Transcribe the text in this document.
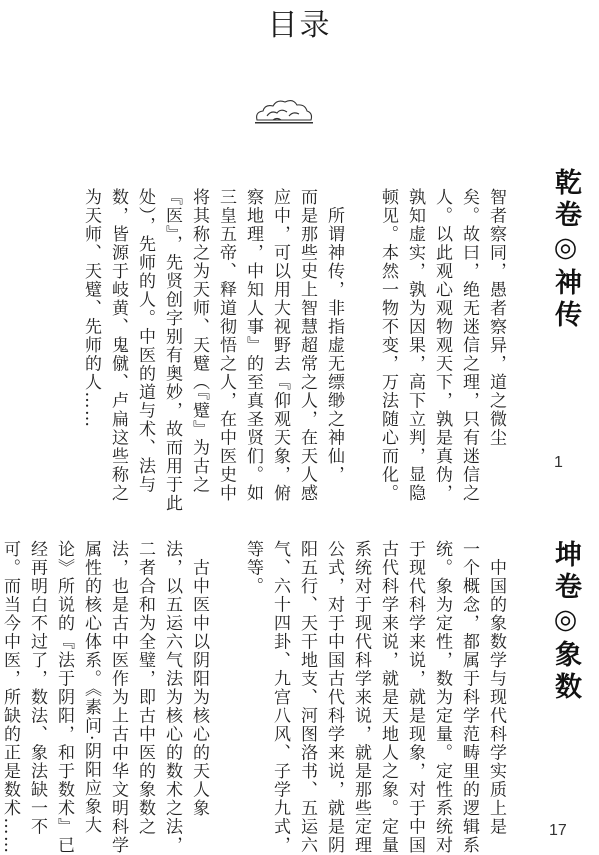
目录
乾卷◎神传
1
智者察同，愚者察异，道之微尘
矣。故曰，绝无迷信之理，只有迷信之
人。以此观心观物观天下，孰是真伪，
孰知虚实，孰为因果，高下立判，显隐
顿见。本然一物不变，万法随心而化。

　所谓神传，非指虚无缥缈之神仙，
而是那些史上智慧超常之人，在天人感
应中，可以用大视野去『仰观天象，俯
察地理，中知人事』的至真圣贤们。如
三皇五帝、释道彻悟之人，在中医史中
将其称之为天师、天躄（『躄』为古之
『医』，先贤创字别有奥妙，故而用于此
处），先师的人。中医的道与术、法与
数，皆源于岐黄、鬼僦、卢扁这些称之
为天师、天躄、先师的人……
坤卷◎象数
17
　中国的象数学与现代科学实质上是
一个概念，都属于科学范畴里的逻辑系
统。象为定性，数为定量。定性系统对
于现代科学来说，就是现象，对于中国
古代科学来说，就是天地人之象。定量
系统对于现代科学来说，就是那些定理
公式，对于中国古代科学来说，就是阴
阳五行、天干地支、河图洛书、五运六
气、六十四卦、九宫八风、子学九式，
等等。

　古中医中以阴阳为核心的天人象
法，以五运六气法为核心的数术之法，
二者合和为全璧，即古中医的象数之
法，也是古中医作为上古中华文明科学
属性的核心体系。《素问·阴阳应象大
论》所说的『法于阴阳，和于数术』已
经再明白不过了，数法、象法缺一不
可。而当今中医，所缺的正是数术……
